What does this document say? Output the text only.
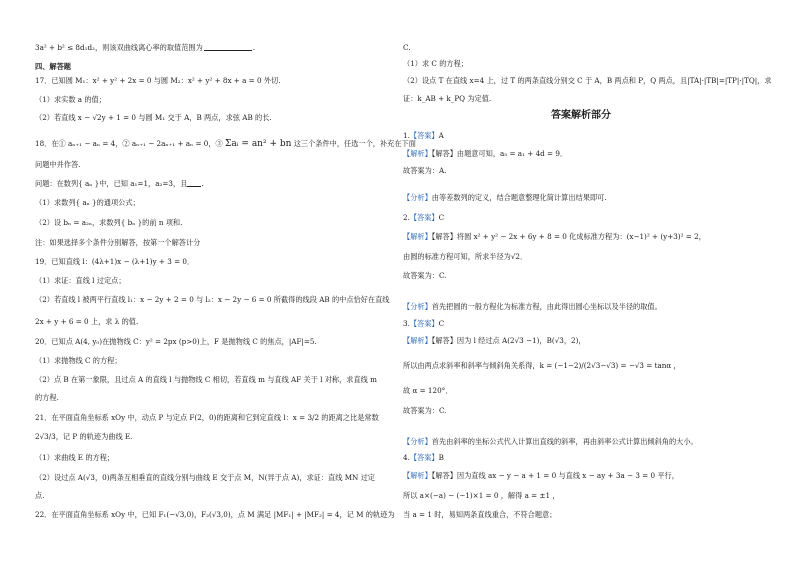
3a² + b² ≤ 8d₁d₂，则该双曲线离心率的取值范围为	.
四、解答题
17．已知圆 M₁：x² + y² + 2x = 0 与圆 M₂：x² + y² + 8x + a = 0 外切.
（1）求实数 a 的值；
（2）若直线 x − √2y + 1 = 0 与圆 M₁ 交于 A，B 两点，求弦 AB 的长.
18．在① aₙ₊₁ − aₙ = 4，② aₙ₊₁ − 2aₙ₊₁ + aₙ = 0，③ Σaᵢ = an² + bn 这三个条件中，任选一个，补充在下面
问题中并作答.
问题：在数列{ aₙ }中，已知 a₁=1，a₂=3，且 .
（1）求数列{ aₙ }的通项公式；
（2）设 bₙ = a₂ₙ，求数列{ bₙ }的前 n 项和.
注：如果选择多个条件分别解答，按第一个解答计分
19．已知直线 l：(4λ+1)x − (λ+1)y + 3 = 0．
（1）求证：直线 l 过定点；
（2）若直线 l 被两平行直线 l₁：x − 2y + 2 = 0 与 l₂：x − 2y − 6 = 0 所截得的线段 AB 的中点恰好在直线
2x + y + 6 = 0 上，求 λ 的值.
20．已知点 A(4, y₀)在抛物线 C：y² = 2px (p>0)上，F 是抛物线 C 的焦点，|AF|=5.
（1）求抛物线 C 的方程；
（2）点 B 在第一象限，且过点 A 的直线 l 与抛物线 C 相切，若直线 m 与直线 AF 关于 l 对称，求直线 m
的方程.
21．在平面直角坐标系 xOy 中，动点 P 与定点 F(2，0)的距离和它到定直线 l：x = 3/2 的距离之比是常数
2√3/3，记 P 的轨迹为曲线 E.
（1）求曲线 E 的方程；
（2）设过点 A(√3，0)两条互相垂直的直线分别与曲线 E 交于点 M，N(异于点 A)，求证：直线 MN 过定
点.
22．在平面直角坐标系 xOy 中，已知 F₁(−√3,0)，F₂(√3,0)，点 M 满足 |MF₁| + |MF₂| = 4，记 M 的轨迹为
C.
（1）求 C 的方程；
（2）设点 T 在直线 x=4 上，过 T 的两条直线分别交 C 于 A，B 两点和 P，Q 两点，且|TA|·|TB|=|TP|·|TQ|，求
证：k_AB + k_PQ 为定值.
答案解析部分
1.【答案】A
【解析】【解答】由题意可知，a₅ = a₁ + 4d = 9．
故答案为：A.
【分析】由等差数列的定义，结合题意整理化简计算出结果即可.
2.【答案】C
【解析】【解答】将圆 x² + y² − 2x + 6y + 8 = 0 化成标准方程为：(x−1)² + (y+3)² = 2，
由圆的标准方程可知，所求半径为√2．
故答案为：C.
【分析】首先把圆的一般方程化为标准方程，由此得出圆心坐标以及半径的取值。
3.【答案】C
【解析】【解答】因为 l 经过点 A(2√3 −1)，B(√3，2)，
所以由两点求斜率和斜率与倾斜角关系得，k = (−1−2)/(2√3−√3) = −√3 = tanα ，
故 α = 120°．
故答案为：C.
【分析】首先由斜率的坐标公式代入计算出直线的斜率，再由斜率公式计算出倾斜角的大小。
4.【答案】B
【解析】【解答】因为直线 ax − y − a + 1 = 0 与直线 x − ay + 3a − 3 = 0 平行，
所以 a×(−a) − (−1)×1 = 0 ，解得 a = ±1 ，
当 a = 1 时，易知两条直线重合，不符合题意；
